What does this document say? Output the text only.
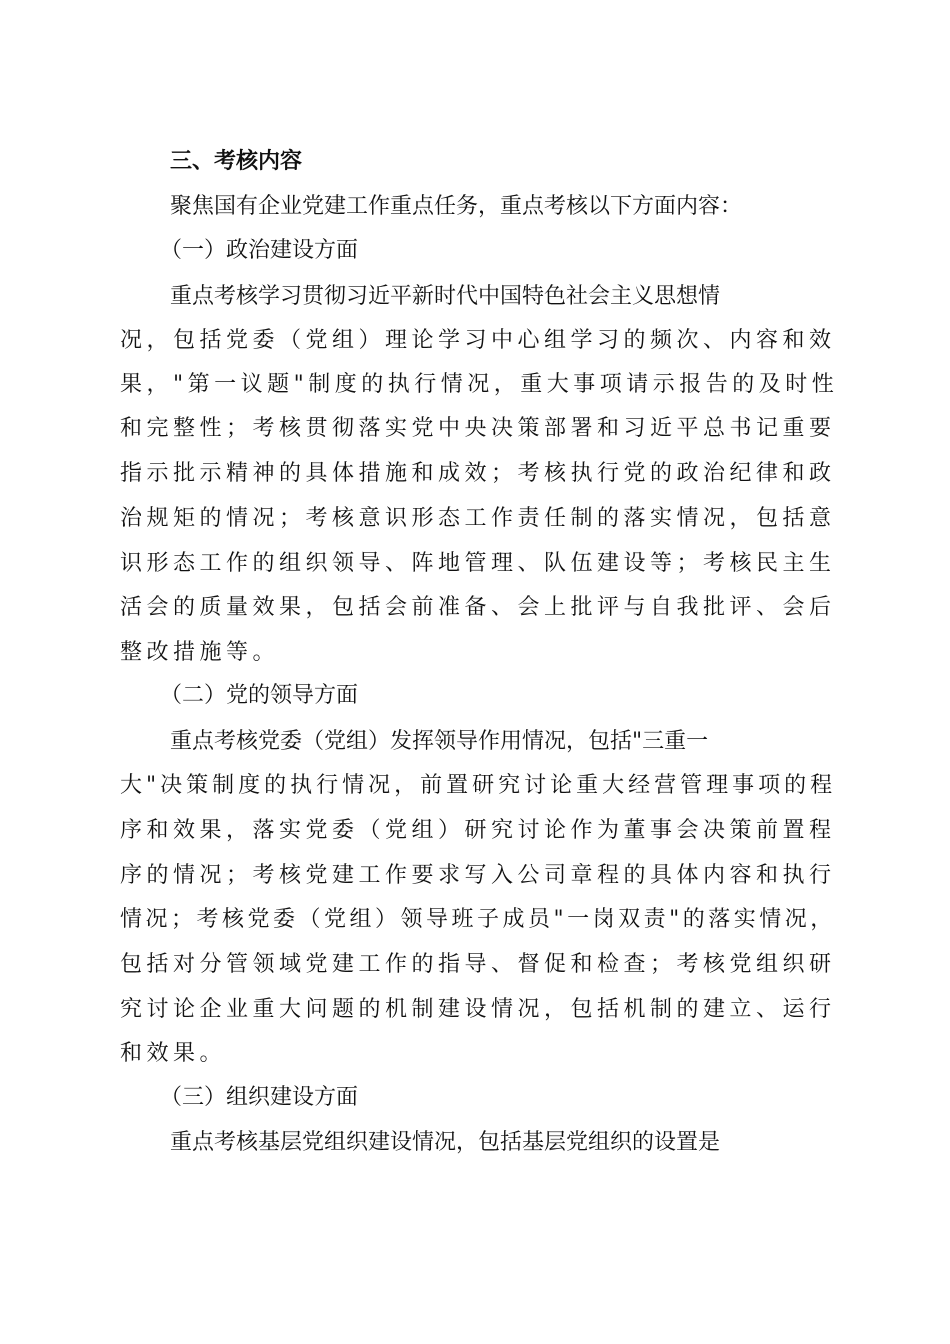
三、考核内容
聚焦国有企业党建工作重点任务，重点考核以下方面内容：
（一）政治建设方面
重点考核学习贯彻习近平新时代中国特色社会主义思想情
况，包括党委（党组）理论学习中心组学习的频次、内容和效
果，"第一议题"制度的执行情况，重大事项请示报告的及时性
和完整性；考核贯彻落实党中央决策部署和习近平总书记重要
指示批示精神的具体措施和成效；考核执行党的政治纪律和政
治规矩的情况；考核意识形态工作责任制的落实情况，包括意
识形态工作的组织领导、阵地管理、队伍建设等；考核民主生
活会的质量效果，包括会前准备、会上批评与自我批评、会后
整改措施等。
（二）党的领导方面
重点考核党委（党组）发挥领导作用情况，包括"三重一
大"决策制度的执行情况，前置研究讨论重大经营管理事项的程
序和效果，落实党委（党组）研究讨论作为董事会决策前置程
序的情况；考核党建工作要求写入公司章程的具体内容和执行
情况；考核党委（党组）领导班子成员"一岗双责"的落实情况，
包括对分管领域党建工作的指导、督促和检查；考核党组织研
究讨论企业重大问题的机制建设情况，包括机制的建立、运行
和效果。
（三）组织建设方面
重点考核基层党组织建设情况，包括基层党组织的设置是
